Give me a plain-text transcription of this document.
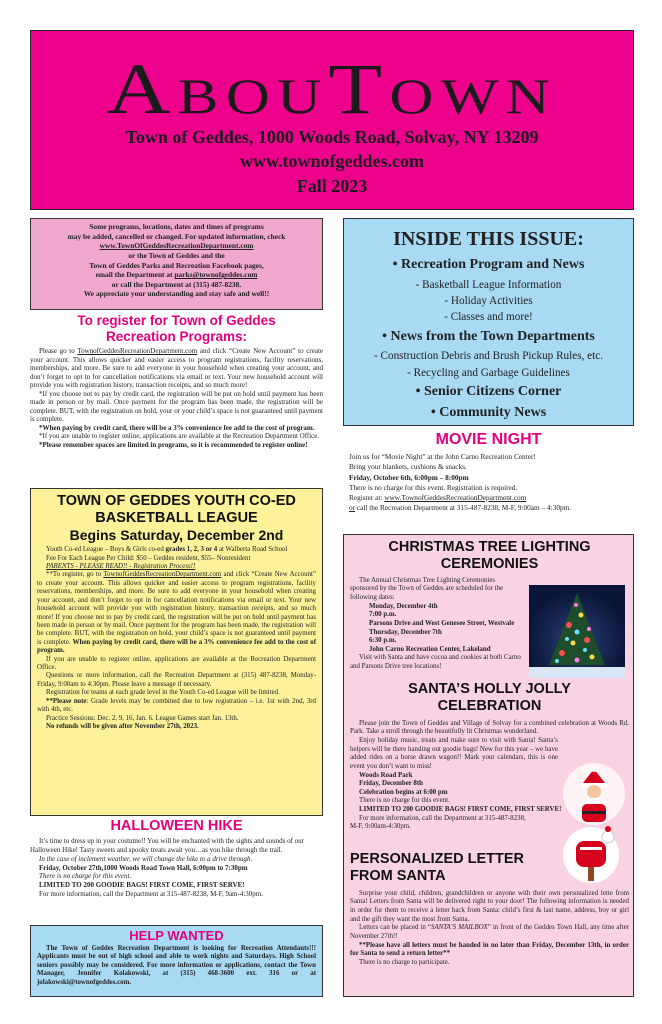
AbouTown
Town of Geddes, 1000 Woods Road, Solvay, NY 13209
www.townofgeddes.com
Fall 2023

Some programs, locations, dates and times of programs

may be added, cancelled or changed. For updated information, check

www.TownOfGeddesRecreationDepartment.com

or the Town of Geddes and the

Town of Geddes Parks and Recreation Facebook pages,

email the Department at parks@townofgeddes.com

or call the Department at (315) 487-8238.

We appreciate your understanding and stay safe and well!!

To register for Town of Geddes
Recreation Programs:

Please go to TownofGeddesRecreationDepartment.com and click “Create New Account” to create your account. This allows quicker and easier access to program registrations, facility reservations, memberships, and more. Be sure to add everyone in your household when creating your account, and don’t forget to opt in for cancellation notifications via email or text. Your new household account will provide you with registration history, transaction receipts, and so much more!

*If you choose not to pay by credit card, the registration will be put on hold until payment has been made in person or by mail. Once payment for the program has been made, the registration will be complete. BUT, with the registration on hold, your or your child’s space is not guaranteed until payment is complete.

*When paying by credit card, there will be a 3% convenience fee add to the cost of program.

*If you are unable to register online, applications are available at the Recreation Department Office.

*Please remember spaces are limited in programs, so it is recommended to register online!

INSIDE THIS ISSUE:
• Recreation Program and News
- Basketball League Information
- Holiday Activities
- Classes and more!
• News from the Town Departments
- Construction Debris and Brush Pickup Rules, etc.
- Recycling and Garbage Guidelines
• Senior Citizens Corner
• Community News
MOVIE NIGHT

Join us for “Movie Night” at the John Carno Recreation Center!

Bring your blankets, cushions & snacks.

Friday, October 6th, 6:00pm – 8:00pm

There is no charge for this event. Registration is required.

Register at: www.TownofGeddesRecreationDepartment.com

or call the Recreation Department at 315-487-8238, M-F, 9:00am – 4:30pm.

TOWN OF GEDDES YOUTH CO-ED
BASKETBALL LEAGUE
Begins Saturday, December 2nd

Youth Co-ed League – Boys & Girls co-ed grades 1, 2, 3 or 4 at Walberta Road School

Fee For Each League Per Child: $50 – Geddes resident, $55– Nonresident

PARENTS - PLEASE READ!! - Registration Process!!

**To register, go to TownofGeddesRecreationDepartment.com and click “Create New Account” to create your account. This allows quicker and easier access to program registrations, facility reservations, memberships, and more. Be sure to add everyone in your household when creating your account, and don’t forget to opt in for cancellation notifications via email or text. Your new household account will provide you with registration history, transaction receipts, and so much more! If you choose not to pay by credit card, the registration will be put on hold until payment has been made in person or by mail. Once payment for the program has been made, the registration will be complete. BUT, with the registration on hold, your child’s space is not guaranteed until payment is complete. When paying by credit card, there will be a 3% convenience fee add to the cost of program.

If you are unable to register online, applications are available at the Recreation Department Office.

Questions or more information, call the Recreation Department at (315) 487-8238, Monday-Friday, 9:00am to 4:30pm. Please leave a message if necessary.

Registration for teams at each grade level in the Youth Co-ed League will be limited.

**Please note: Grade levels may be combined due to low registration – i.e. 1st with 2nd, 3rd with 4th, etc.

Practice Sessions: Dec. 2, 9, 16, Jan. 6. League Games start Jan. 13th.

No refunds will be given after November 27th, 2023.

HALLOWEEN HIKE

It’s time to dress up in your costume!! You will be enchanted with the sights and sounds of our Halloween Hike! Tasty sweets and spooky treats await you…as you hike through the trail.

In the case of inclement weather, we will change the hike to a drive through.

Friday, October 27th,1000 Woods Road Town Hall, 6:00pm to 7:30pm

There is no charge for this event.

LIMITED TO 200 GOODIE BAGS! FIRST COME, FIRST SERVE!

For more information, call the Department at 315-487-8238, M-F, 9am-4:30pm.

HELP WANTED

The Town of Geddes Recreation Department is looking for Recreation Attendants!!! Applicants must be out of high school and able to work nights and Saturdays. High School seniors possibly may be considered. For more information or applications, contact the Town Manager, Jennifer Kolakowski, at (315) 468-3600 ext. 316 or at jolakowski@townofgeddes.com.

CHRISTMAS TREE LIGHTING
CEREMONIES

The Annual Christmas Tree Lighting Ceremonies sponsored by the Town of Geddes are scheduled for the following dates:

Monday, December 4th

7:00 p.m.

Parsons Drive and West Genesee Street, Westvale

Thursday, December 7th

6:30 p.m.

John Carno Recreation Center, Lakeland

Visit with Santa and have cocoa and cookies at both Carno and Parsons Drive tree locations!

SANTA’S HOLLY JOLLY
CELEBRATION

Please join the Town of Geddes and Village of Solvay for a combined celebration at Woods Rd. Park. Take a stroll through the beautifully lit Christmas wonderland.

Enjoy holiday music, treats and make sure to visit with Santa! Santa’s helpers will be there handing out goodie bags! New for this year – we have added rides on a horse drawn wagon!! Mark your calendars, this is one event you don’t want to miss!

Woods Road Park

Friday, December 8th

Celebration begins at 6:00 pm

There is no charge for this event.

LIMITED TO 200 GOODIE BAGS! FIRST COME, FIRST SERVE!

For more information, call the Department at 315-487-8238,

M-F, 9:00am-4:30pm.

PERSONALIZED LETTER
FROM SANTA

Surprise your child, children, grandchildren or anyone with their own personalized lette from Santa! Letters from Santa will be delivered right to your door! The following information is needed in order for them to receive a letter back from Santa: child’s first & last name, address, boy or girl and the gift they want the most from Santa.

Letters can be placed in “SANTA’S MAILBOX” in front of the Geddes Town Hall, any time after November 27th!!

**Please have all letters must be handed in no later than Friday, December 13th, in order for Santa to send a return letter**

There is no charge to participate.
